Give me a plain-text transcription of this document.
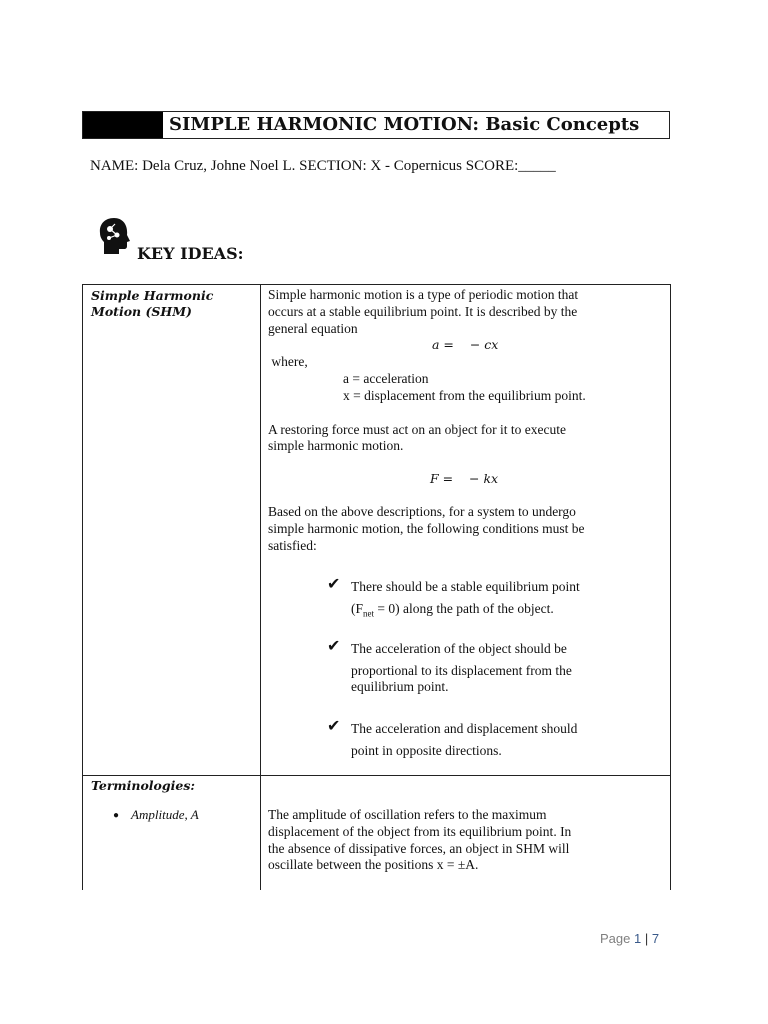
SIMPLE HARMONIC MOTION: Basic Concepts
NAME: Dela Cruz, Johne Noel L. SECTION: X - Copernicus SCORE:_____
KEY IDEAS:
Simple Harmonic
Motion (SHM)

Simple harmonic motion is a type of periodic motion that

occurs at a stable equilibrium point. It is described by the

general equation

a = − cx

where,

a = acceleration

x = displacement from the equilibrium point.

A restoring force must act on an object for it to execute

simple harmonic motion.

F = − kx

Based on the above descriptions, for a system to undergo

simple harmonic motion, the following conditions must be

satisfied:

✔ There should be a stable equilibrium point
$(F_{net} = 0)$ along the path of the object.
✔ The acceleration of the object should be
proportional to its displacement from the
equilibrium point.
✔ The acceleration and displacement should
point in opposite directions.
Terminologies:
● Amplitude, A	The amplitude of oscillation refers to the maximum

displacement of the object from its equilibrium point. In

the absence of dissipative forces, an object in SHM will

oscillate between the positions x = ±A.

Page 1 | 7
